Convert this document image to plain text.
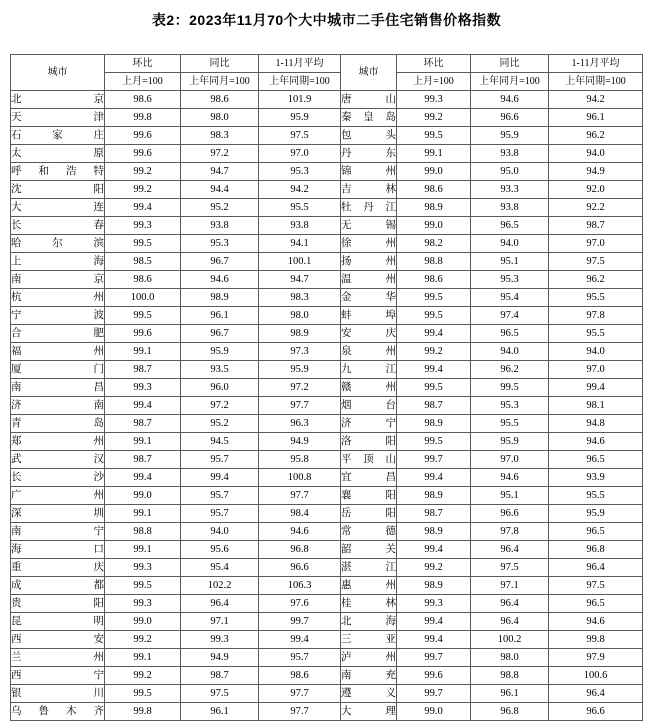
表2：2023年11月70个大中城市二手住宅销售价格指数
城市	环比	同比	1-11月平均	城市	环比	同比	1-11月平均
	上月=100	上年同月=100	上年同期=100		上月=100	上年同月=100	上年同期=100
北京	98.6	98.6	101.9	唐山	99.3	94.6	94.2
天津	99.8	98.0	95.9	秦皇岛	99.2	96.6	96.1
石家庄	99.6	98.3	97.5	包头	99.5	95.9	96.2
太原	99.6	97.2	97.0	丹东	99.1	93.8	94.0
呼和浩特	99.2	94.7	95.3	锦州	99.0	95.0	94.9
沈阳	99.2	94.4	94.2	吉林	98.6	93.3	92.0
大连	99.4	95.2	95.5	牡丹江	98.9	93.8	92.2
长春	99.3	93.8	93.8	无锡	99.0	96.5	98.7
哈尔滨	99.5	95.3	94.1	徐州	98.2	94.0	97.0
上海	98.5	96.7	100.1	扬州	98.8	95.1	97.5
南京	98.6	94.6	94.7	温州	98.6	95.3	96.2
杭州	100.0	98.9	98.3	金华	99.5	95.4	95.5
宁波	99.5	96.1	98.0	蚌埠	99.5	97.4	97.8
合肥	99.6	96.7	98.9	安庆	99.4	96.5	95.5
福州	99.1	95.9	97.3	泉州	99.2	94.0	94.0
厦门	98.7	93.5	95.9	九江	99.4	96.2	97.0
南昌	99.3	96.0	97.2	赣州	99.5	99.5	99.4
济南	99.4	97.2	97.7	烟台	98.7	95.3	98.1
青岛	98.7	95.2	96.3	济宁	98.9	95.5	94.8
郑州	99.1	94.5	94.9	洛阳	99.5	95.9	94.6
武汉	98.7	95.7	95.8	平顶山	99.7	97.0	96.5
长沙	99.4	99.4	100.8	宜昌	99.4	94.6	93.9
广州	99.0	95.7	97.7	襄阳	98.9	95.1	95.5
深圳	99.1	95.7	98.4	岳阳	98.7	96.6	95.9
南宁	98.8	94.0	94.6	常德	98.9	97.8	96.5
海口	99.1	95.6	96.8	韶关	99.4	96.4	96.8
重庆	99.3	95.4	96.6	湛江	99.2	97.5	96.4
成都	99.5	102.2	106.3	惠州	98.9	97.1	97.5
贵阳	99.3	96.4	97.6	桂林	99.3	96.4	96.5
昆明	99.0	97.1	99.7	北海	99.4	96.4	94.6
西安	99.2	99.3	99.4	三亚	99.4	100.2	99.8
兰州	99.1	94.9	95.7	泸州	99.7	98.0	97.9
西宁	99.2	98.7	98.6	南充	99.6	98.8	100.6
银川	99.5	97.5	97.7	遵义	99.7	96.1	96.4
乌鲁木齐	99.8	96.1	97.7	大理	99.0	96.8	96.6
